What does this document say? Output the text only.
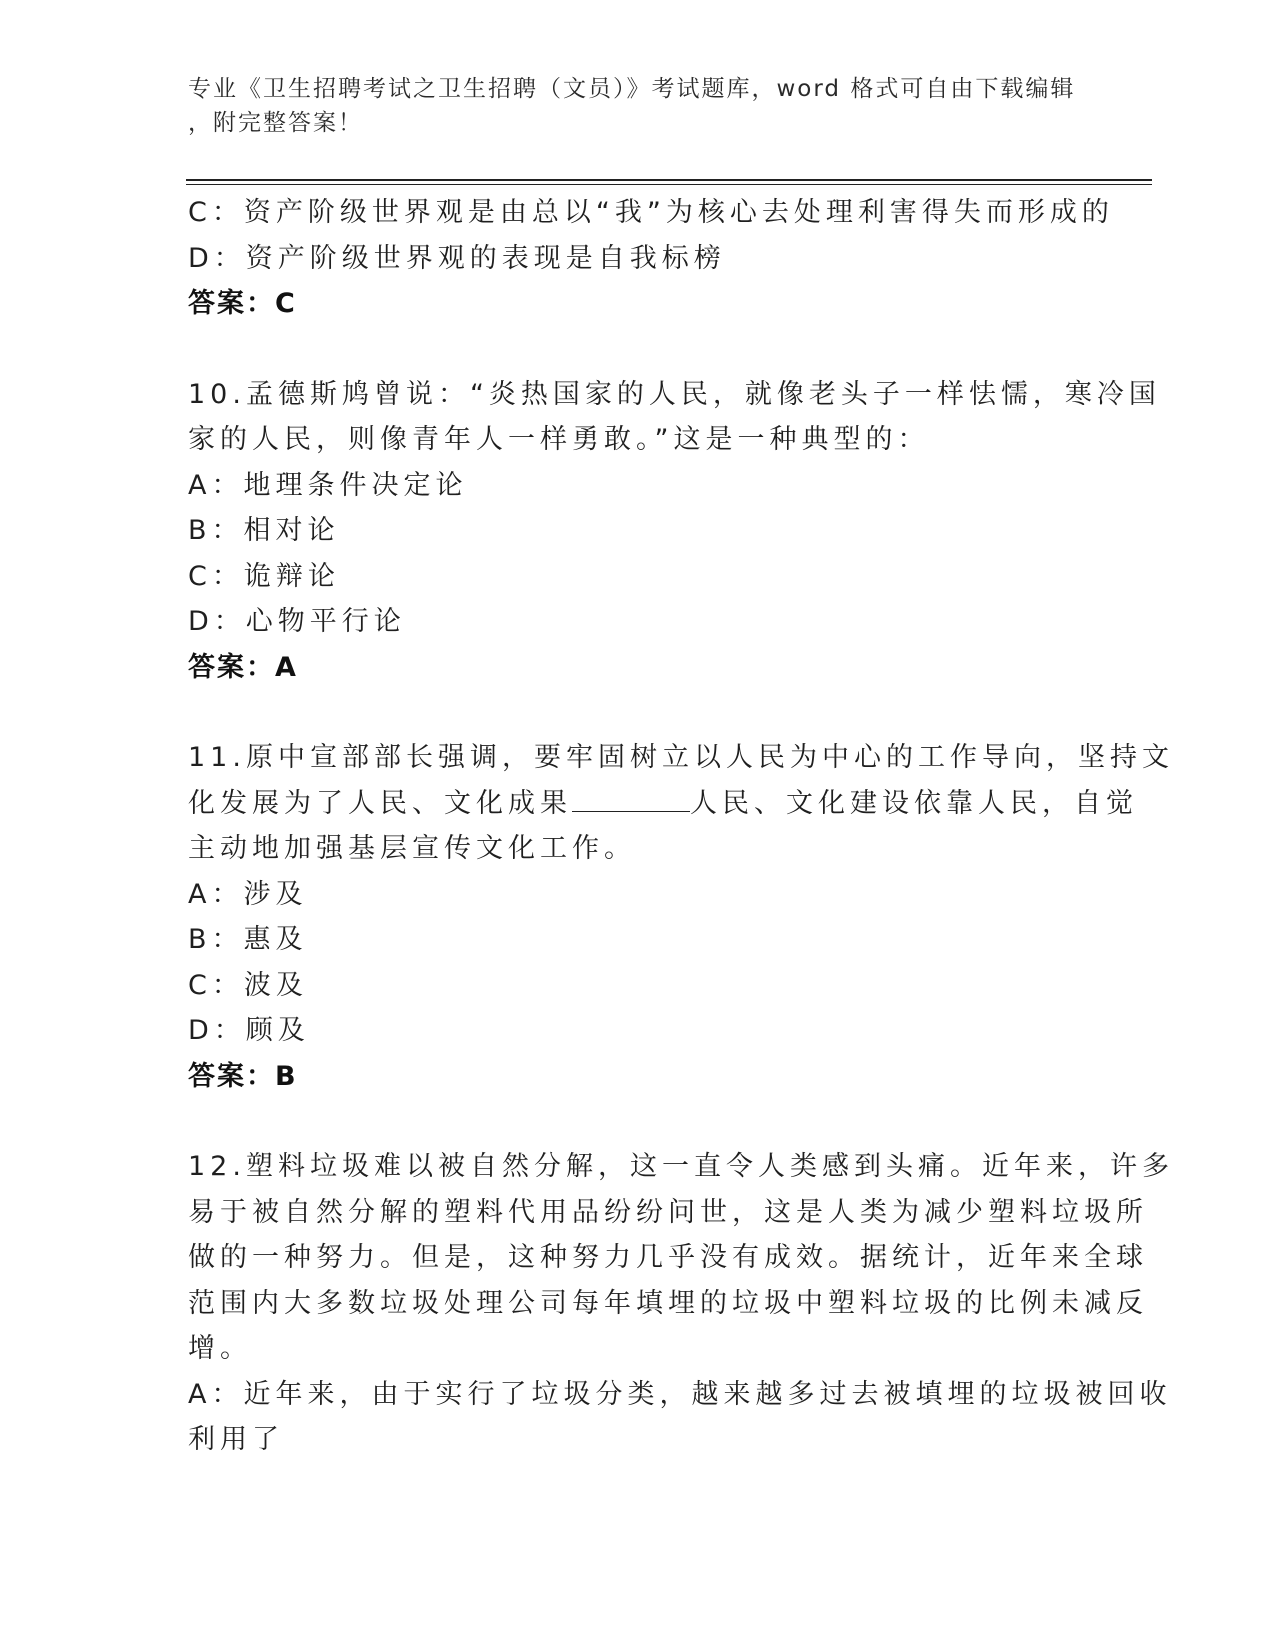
专业《卫生招聘考试之卫生招聘（文员）》考试题库，word 格式可自由下载编辑
，附完整答案！
C：资产阶级世界观是由总以“我”为核心去处理利害得失而形成的
D：资产阶级世界观的表现是自我标榜
答案：C
10.孟德斯鸠曾说：“炎热国家的人民，就像老头子一样怯懦，寒冷国
家的人民，则像青年人一样勇敢。”这是一种典型的：
A：地理条件决定论
B：相对论
C：诡辩论
D：心物平行论
答案：A
11.原中宣部部长强调，要牢固树立以人民为中心的工作导向，坚持文
化发展为了人民、文化成果	人民、文化建设依靠人民，自觉
主动地加强基层宣传文化工作。
A：涉及
B：惠及
C：波及
D：顾及
答案：B
12.塑料垃圾难以被自然分解，这一直令人类感到头痛。近年来，许多
易于被自然分解的塑料代用品纷纷问世，这是人类为减少塑料垃圾所
做的一种努力。但是，这种努力几乎没有成效。据统计，近年来全球
范围内大多数垃圾处理公司每年填埋的垃圾中塑料垃圾的比例未减反
增。
A：近年来，由于实行了垃圾分类，越来越多过去被填埋的垃圾被回收
利用了
